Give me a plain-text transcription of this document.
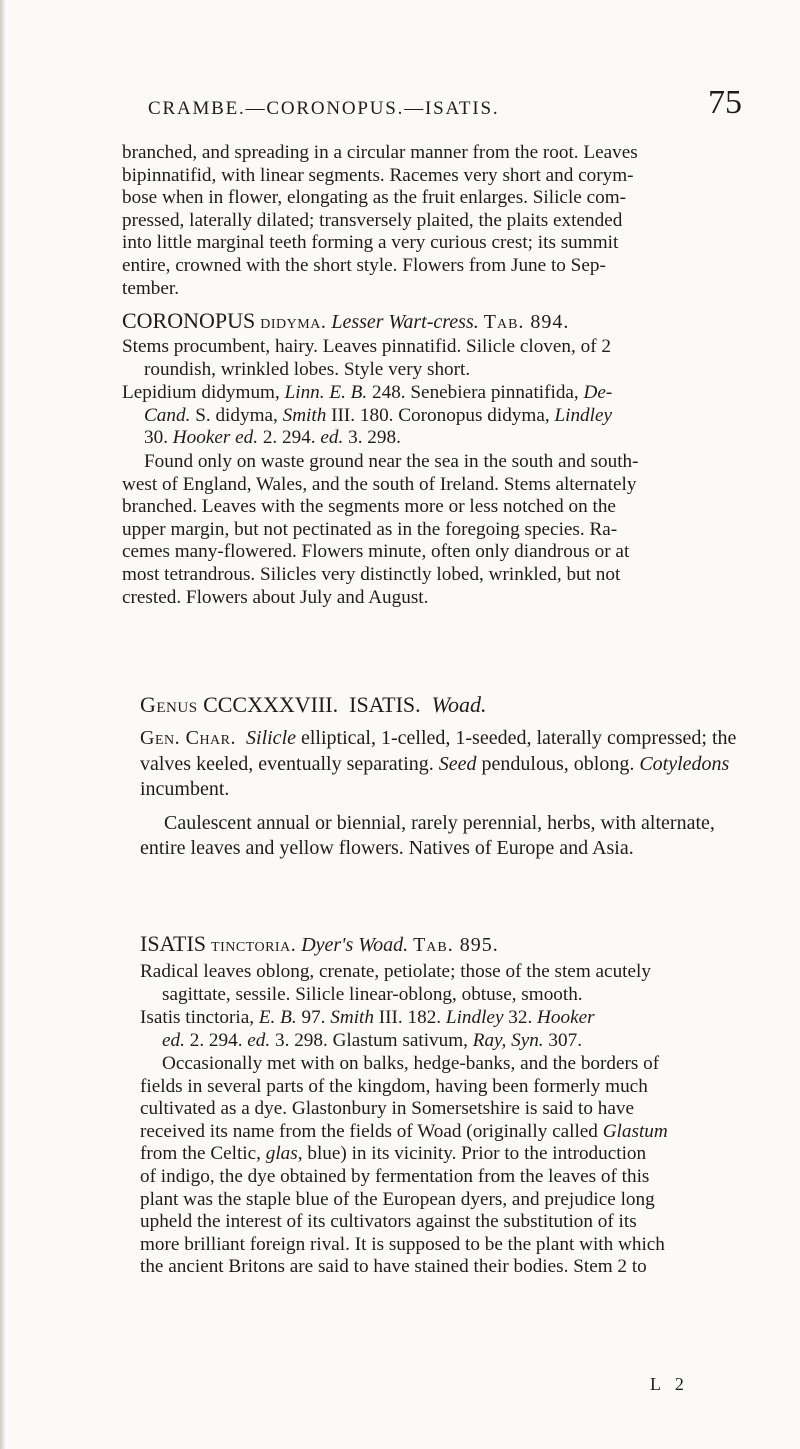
CRAMBE.—CORONOPUS.—ISATIS.	75

branched, and spreading in a circular manner from the root. Leaves

bipinnatifid, with linear segments. Racemes very short and corym-

bose when in flower, elongating as the fruit enlarges. Silicle com-

pressed, laterally dilated; transversely plaited, the plaits extended

into little marginal teeth forming a very curious crest; its summit

entire, crowned with the short style. Flowers from June to Sep-

tember.

CORONOPUS didyma. Lesser Wart-cress. Tab. 894.

Stems procumbent, hairy. Leaves pinnatifid. Silicle cloven, of 2

roundish, wrinkled lobes. Style very short.

Lepidium didymum, Linn. E. B. 248. Senebiera pinnatifida, De-

Cand. S. didyma, Smith III. 180. Coronopus didyma, Lindley

30. Hooker ed. 2. 294. ed. 3. 298.

Found only on waste ground near the sea in the south and south-

west of England, Wales, and the south of Ireland. Stems alternately

branched. Leaves with the segments more or less notched on the

upper margin, but not pectinated as in the foregoing species. Ra-

cemes many-flowered. Flowers minute, often only diandrous or at

most tetrandrous. Silicles very distinctly lobed, wrinkled, but not

crested. Flowers about July and August.

Genus CCCXXXVIII. ISATIS. Woad.

Gen. Char. Silicle elliptical, 1-celled, 1-seeded, laterally compressed; the valves keeled, eventually separating. Seed pendulous, oblong. Cotyledons incumbent.

Caulescent annual or biennial, rarely perennial, herbs, with alternate, entire leaves and yellow flowers. Natives of Europe and Asia.

ISATIS tinctoria. Dyer's Woad. Tab. 895.

Radical leaves oblong, crenate, petiolate; those of the stem acutely

sagittate, sessile. Silicle linear-oblong, obtuse, smooth.

Isatis tinctoria, E. B. 97. Smith III. 182. Lindley 32. Hooker

ed. 2. 294. ed. 3. 298. Glastum sativum, Ray, Syn. 307.

Occasionally met with on balks, hedge-banks, and the borders of

fields in several parts of the kingdom, having been formerly much

cultivated as a dye. Glastonbury in Somersetshire is said to have

received its name from the fields of Woad (originally called Glastum

from the Celtic, glas, blue) in its vicinity. Prior to the introduction

of indigo, the dye obtained by fermentation from the leaves of this

plant was the staple blue of the European dyers, and prejudice long

upheld the interest of its cultivators against the substitution of its

more brilliant foreign rival. It is supposed to be the plant with which

the ancient Britons are said to have stained their bodies. Stem 2 to

L 2
